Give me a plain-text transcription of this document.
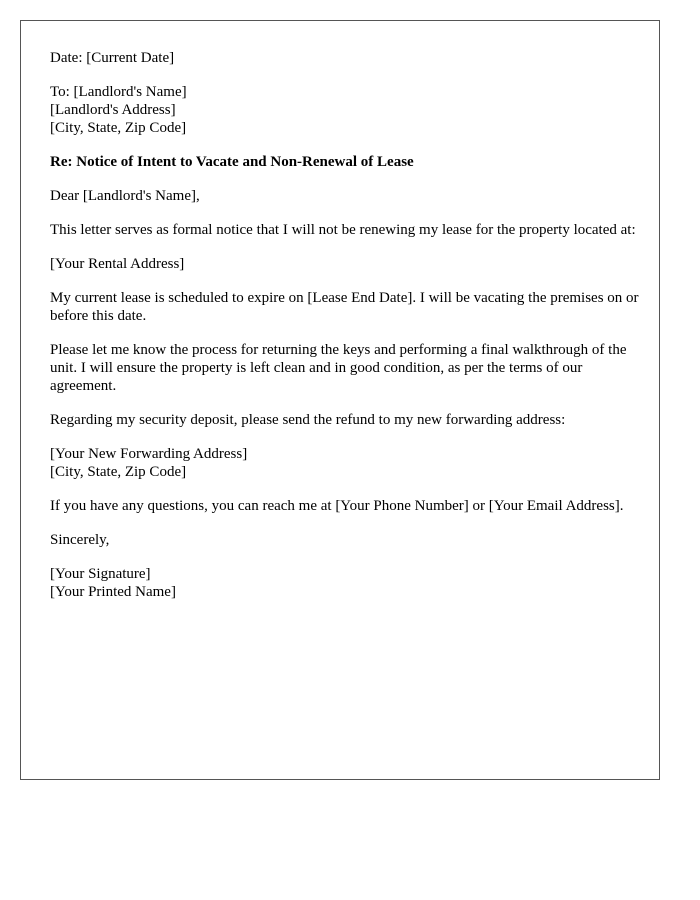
Date: [Current Date]

To: [Landlord's Name]
[Landlord's Address]
[City, State, Zip Code]

Re: Notice of Intent to Vacate and Non-Renewal of Lease

Dear [Landlord's Name],

This letter serves as formal notice that I will not be renewing my lease for the property located at:

[Your Rental Address]

My current lease is scheduled to expire on [Lease End Date]. I will be vacating the premises on or before this date.

Please let me know the process for returning the keys and performing a final walkthrough of the unit. I will ensure the property is left clean and in good condition, as per the terms of our agreement.

Regarding my security deposit, please send the refund to my new forwarding address:

[Your New Forwarding Address]
[City, State, Zip Code]

If you have any questions, you can reach me at [Your Phone Number] or [Your Email Address].

Sincerely,

[Your Signature]
[Your Printed Name]
